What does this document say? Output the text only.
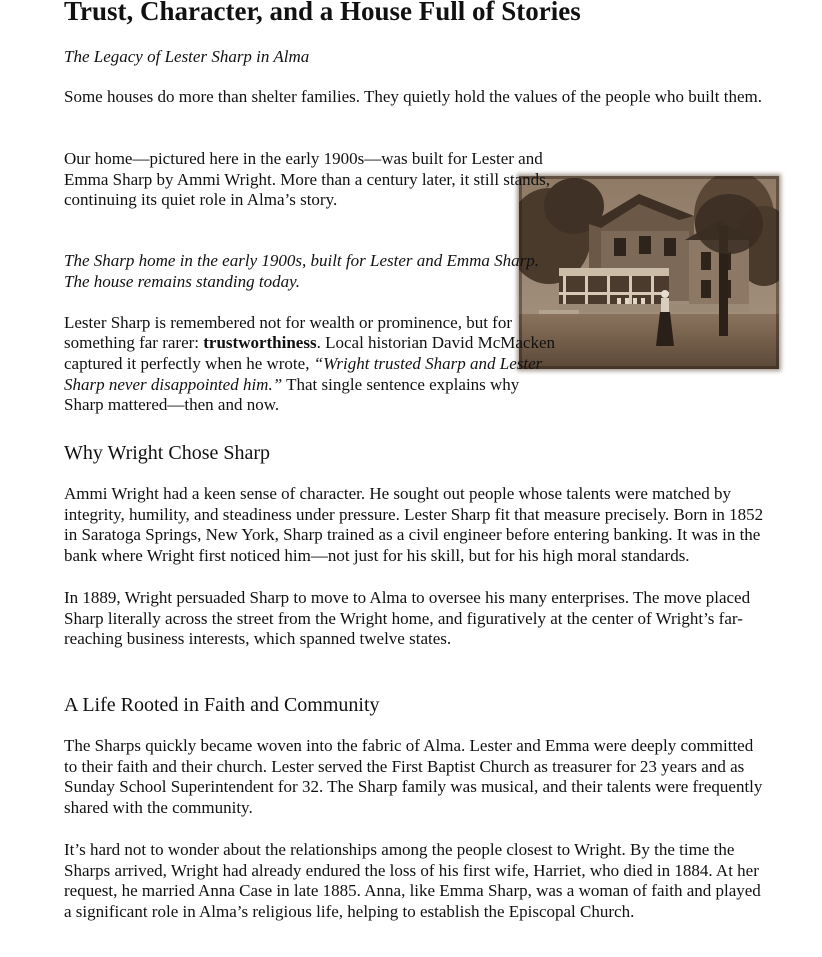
Trust, Character, and a House Full of Stories

The Legacy of Lester Sharp in Alma

Some houses do more than shelter families. They quietly hold the values of the people who built them.

Our home—pictured here in the early 1900s—was built for Lester and Emma Sharp by Ammi Wright. More than a century later, it still stands, continuing its quiet role in Alma’s story.

The Sharp home in the early 1900s, built for Lester and Emma Sharp. The house remains standing today.

Lester Sharp is remembered not for wealth or prominence, but for something far rarer: trustworthiness. Local historian David McMacken captured it perfectly when he wrote, “Wright trusted Sharp and Lester Sharp never disappointed him.” That single sentence explains why Sharp mattered—then and now.

Why Wright Chose Sharp

Ammi Wright had a keen sense of character. He sought out people whose talents were matched by integrity, humility, and steadiness under pressure. Lester Sharp fit that measure precisely. Born in 1852 in Saratoga Springs, New York, Sharp trained as a civil engineer before entering banking. It was in the bank where Wright first noticed him—not just for his skill, but for his high moral standards.

In 1889, Wright persuaded Sharp to move to Alma to oversee his many enterprises. The move placed Sharp literally across the street from the Wright home, and figuratively at the center of Wright’s far-reaching business interests, which spanned twelve states.

A Life Rooted in Faith and Community

The Sharps quickly became woven into the fabric of Alma. Lester and Emma were deeply committed to their faith and their church. Lester served the First Baptist Church as treasurer for 23 years and as Sunday School Superintendent for 32. The Sharp family was musical, and their talents were frequently shared with the community.

It’s hard not to wonder about the relationships among the people closest to Wright. By the time the Sharps arrived, Wright had already endured the loss of his first wife, Harriet, who died in 1884. At her request, he married Anna Case in late 1885. Anna, like Emma Sharp, was a woman of faith and played a significant role in Alma’s religious life, helping to establish the Episcopal Church.
